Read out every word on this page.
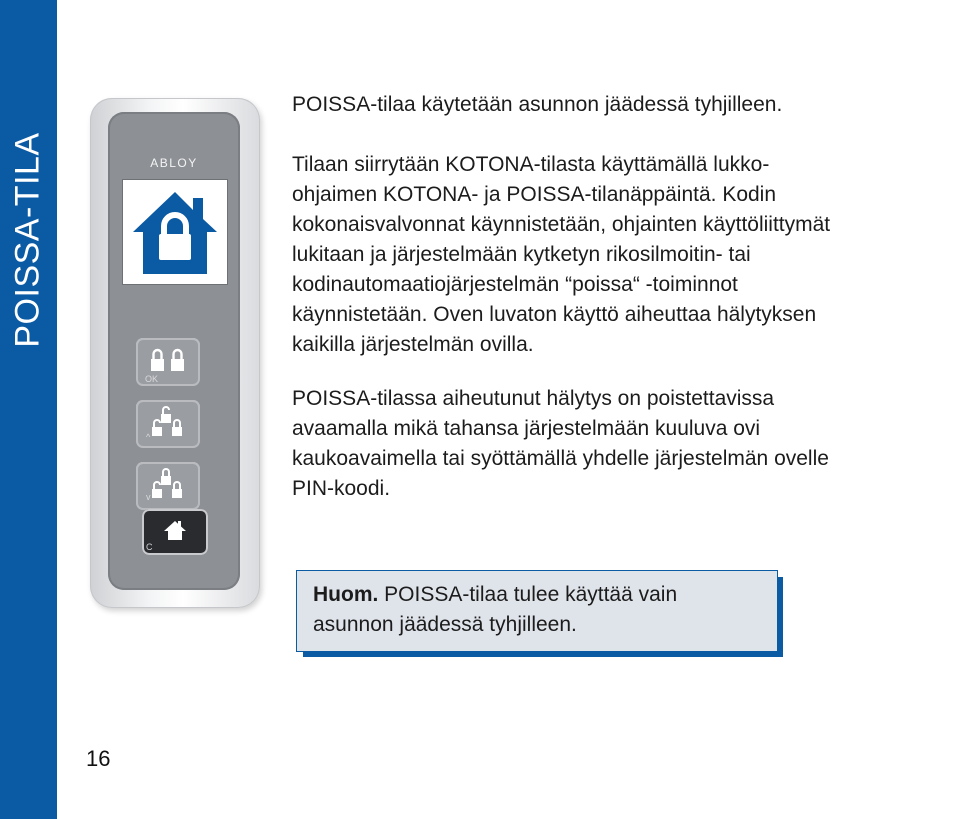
POISSA-TILA	ABLOY
OK
^
v
C

POISSA-tilaa käytetään asunnon jäädessä tyhjilleen.

Tilaan siirrytään KOTONA-tilasta käyttämällä lukko-
ohjaimen KOTONA- ja POISSA-tilanäppäintä. Kodin
kokonaisvalvonnat käynnistetään, ohjainten käyttöliittymät
lukitaan ja järjestelmään kytketyn rikosilmoitin- tai
kodinautomaatiojärjestelmän “poissa“ -toiminnot
käynnistetään. Oven luvaton käyttö aiheuttaa hälytyksen
kaikilla järjestelmän ovilla.

POISSA-tilassa aiheutunut hälytys on poistettavissa
avaamalla mikä tahansa järjestelmään kuuluva ovi
kaukoavaimella tai syöttämällä yhdelle järjestelmän ovelle
PIN-koodi.

Huom. POISSA-tilaa tulee käyttää vain
asunnon jäädessä tyhjilleen.
16
